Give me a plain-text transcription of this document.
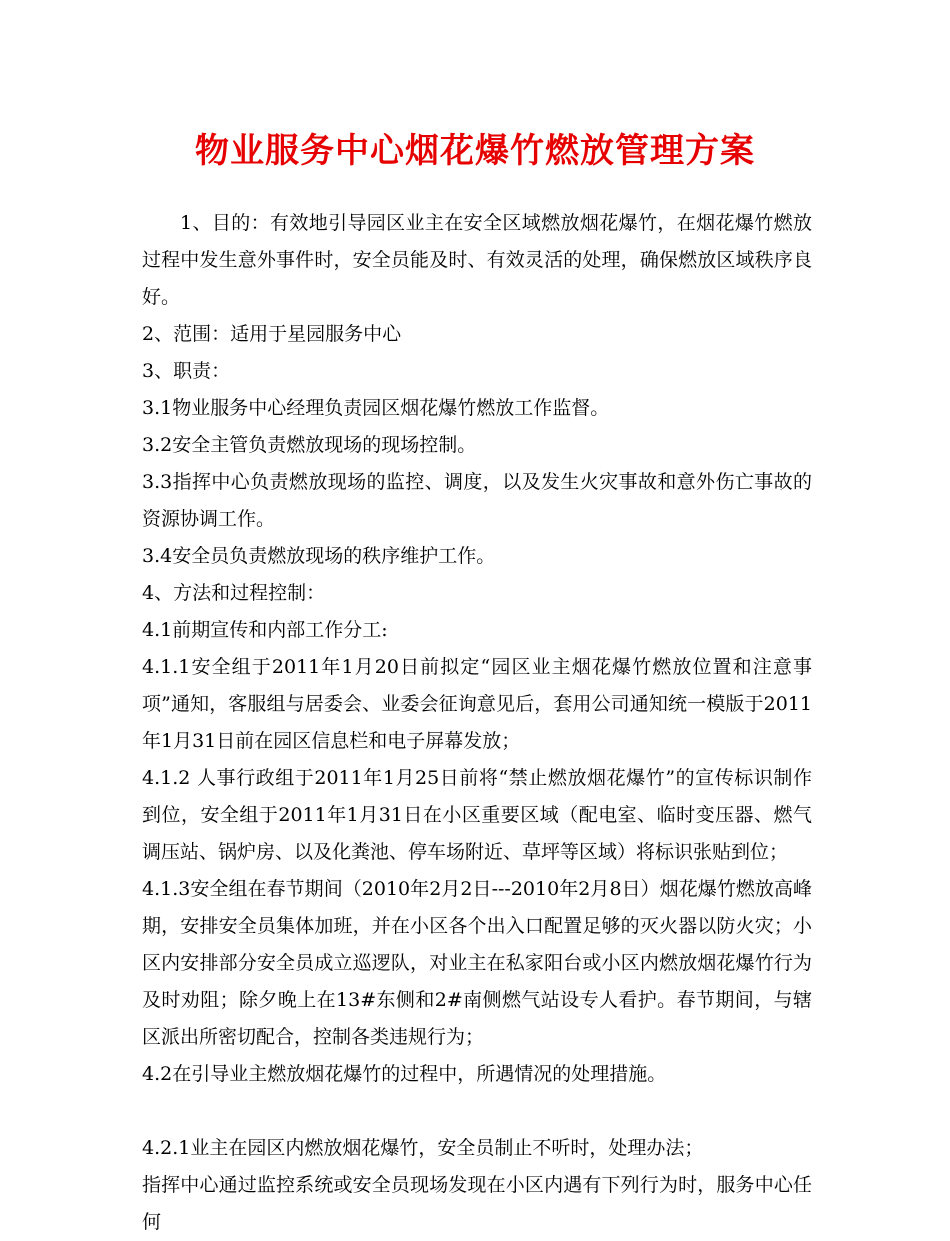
物业服务中心烟花爆竹燃放管理方案

1、目的：有效地引导园区业主在安全区域燃放烟花爆竹，在烟花爆竹燃放过程中发生意外事件时，安全员能及时、有效灵活的处理，确保燃放区域秩序良好。

2、范围：适用于星园服务中心

3、职责：

3.1物业服务中心经理负责园区烟花爆竹燃放工作监督。

3.2安全主管负责燃放现场的现场控制。

3.3指挥中心负责燃放现场的监控、调度，以及发生火灾事故和意外伤亡事故的资源协调工作。

3.4安全员负责燃放现场的秩序维护工作。

4、方法和过程控制：

4.1前期宣传和内部工作分工:

4.1.1安全组于2011年1月20日前拟定“园区业主烟花爆竹燃放位置和注意事项”通知，客服组与居委会、业委会征询意见后，套用公司通知统一模版于2011年1月31日前在园区信息栏和电子屏幕发放；

4.1.2 人事行政组于2011年1月25日前将“禁止燃放烟花爆竹”的宣传标识制作到位，安全组于2011年1月31日在小区重要区域（配电室、临时变压器、燃气调压站、锅炉房、以及化粪池、停车场附近、草坪等区域）将标识张贴到位；

4.1.3安全组在春节期间（2010年2月2日---2010年2月8日）烟花爆竹燃放高峰期，安排安全员集体加班，并在小区各个出入口配置足够的灭火器以防火灾；小区内安排部分安全员成立巡逻队，对业主在私家阳台或小区内燃放烟花爆竹行为及时劝阻；除夕晚上在13#东侧和2#南侧燃气站设专人看护。春节期间，与辖区派出所密切配合，控制各类违规行为；

4.2在引导业主燃放烟花爆竹的过程中，所遇情况的处理措施。

4.2.1业主在园区内燃放烟花爆竹，安全员制止不听时，处理办法；

指挥中心通过监控系统或安全员现场发现在小区内遇有下列行为时，服务中心任何
